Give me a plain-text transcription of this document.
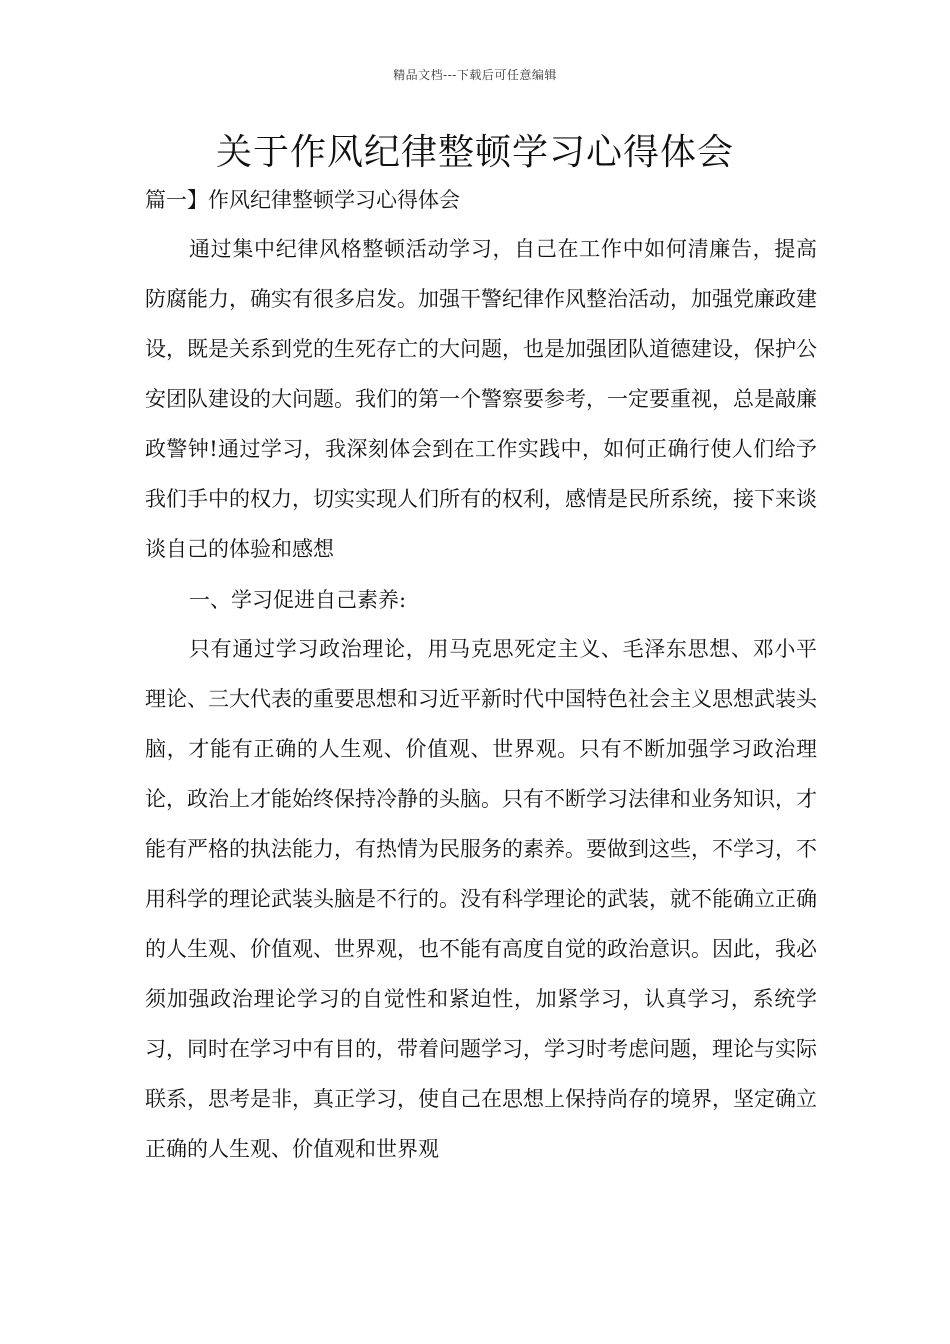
精品文档---下载后可任意编辑
关于作风纪律整顿学习心得体会

篇一】作风纪律整顿学习心得体会

通过集中纪律风格整顿活动学习，自己在工作中如何清廉告，提高防腐能力，确实有很多启发。加强干警纪律作风整治活动，加强党廉政建设，既是关系到党的生死存亡的大问题，也是加强团队道德建设，保护公安团队建设的大问题。我们的第一个警察要参考，一定要重视，总是敲廉政警钟!通过学习，我深刻体会到在工作实践中，如何正确行使人们给予我们手中的权力，切实实现人们所有的权利，感情是民所系统，接下来谈谈自己的体验和感想

一、学习促进自己素养:

只有通过学习政治理论，用马克思死定主义、毛泽东思想、邓小平理论、三大代表的重要思想和习近平新时代中国特色社会主义思想武装头脑，才能有正确的人生观、价值观、世界观。只有不断加强学习政治理论，政治上才能始终保持冷静的头脑。只有不断学习法律和业务知识，才能有严格的执法能力，有热情为民服务的素养。要做到这些，不学习，不用科学的理论武装头脑是不行的。没有科学理论的武装，就不能确立正确的人生观、价值观、世界观，也不能有高度自觉的政治意识。因此，我必须加强政治理论学习的自觉性和紧迫性，加紧学习，认真学习，系统学习，同时在学习中有目的，带着问题学习，学习时考虑问题，理论与实际联系，思考是非，真正学习，使自己在思想上保持尚存的境界，坚定确立正确的人生观、价值观和世界观
